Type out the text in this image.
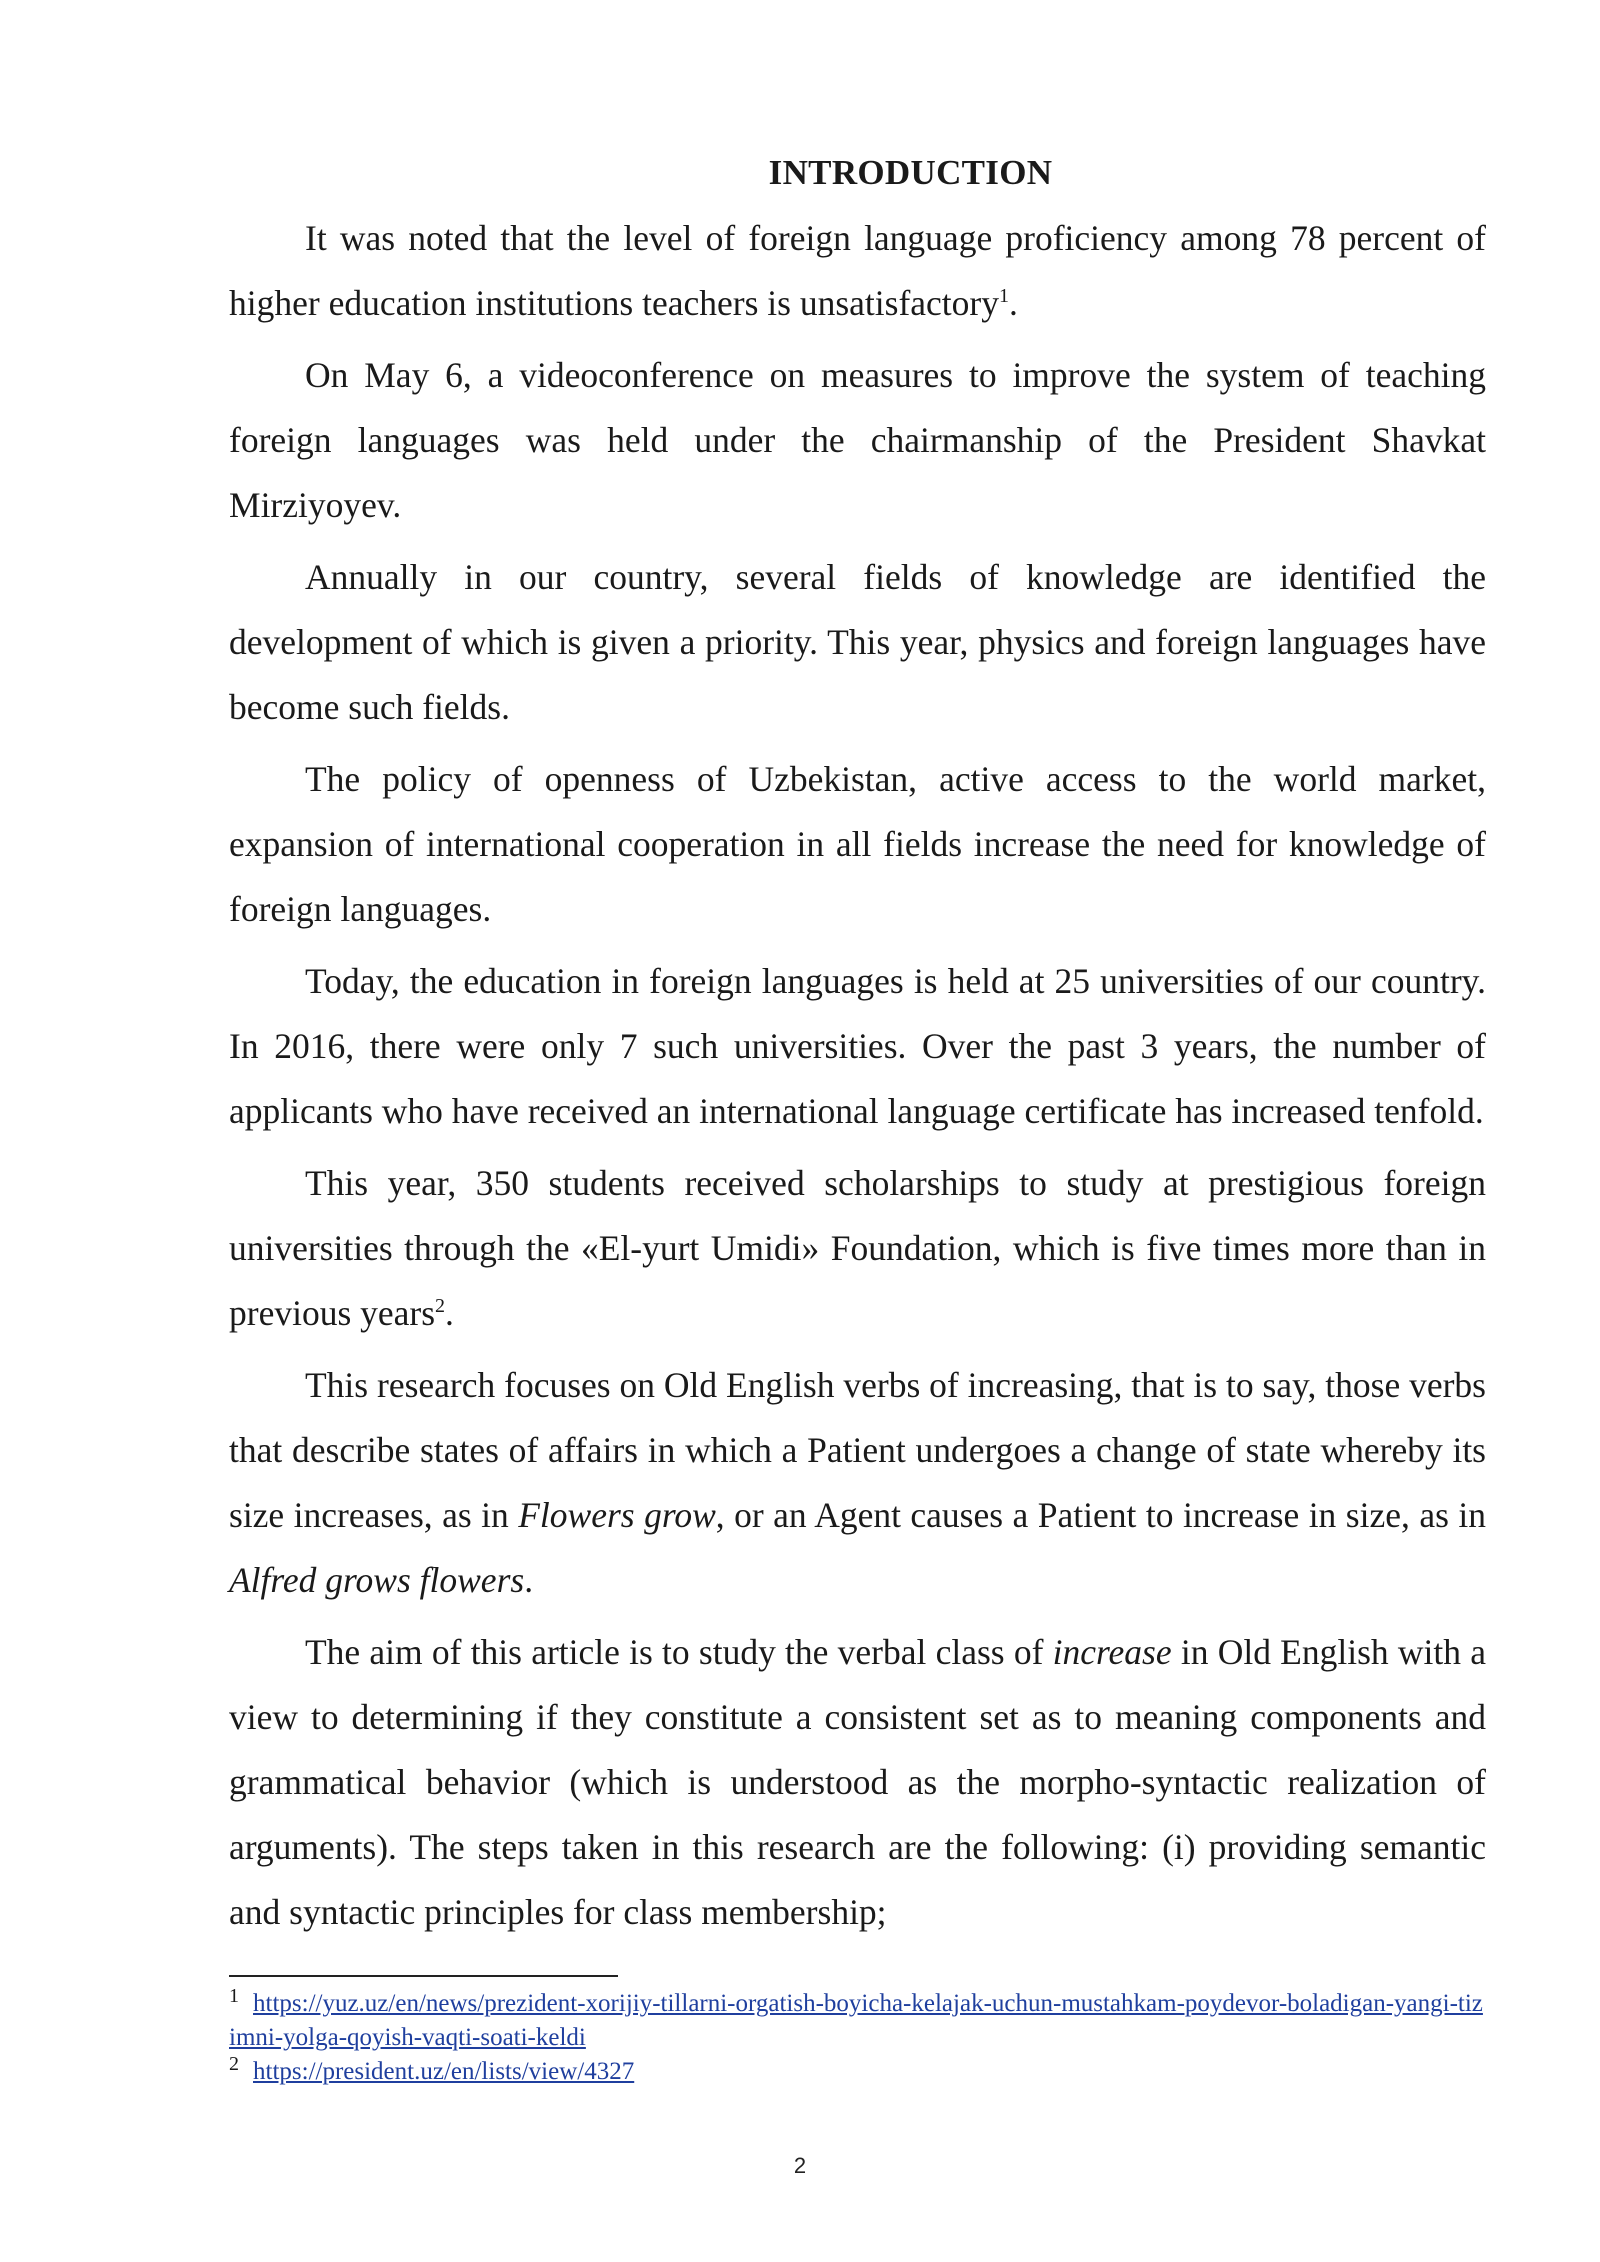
INTRODUCTION

It was noted that the level of foreign language proficiency among 78 percent of higher education institutions teachers is unsatisfactory$^1$.

On May 6, a videoconference on measures to improve the system of teaching foreign languages was held under the chairmanship of the President Shavkat Mirziyoyev.

Annually in our country, several fields of knowledge are identified the development of which is given a priority. This year, physics and foreign languages have become such fields.

The policy of openness of Uzbekistan, active access to the world market, expansion of international cooperation in all fields increase the need for knowledge of foreign languages.

Today, the education in foreign languages is held at 25 universities of our country. In 2016, there were only 7 such universities. Over the past 3 years, the number of applicants who have received an international language certificate has increased tenfold.

This year, 350 students received scholarships to study at prestigious foreign universities through the «El-yurt Umidi» Foundation, which is five times more than in previous years$^2$.

This research focuses on Old English verbs of increasing, that is to say, those verbs that describe states of affairs in which a Patient undergoes a change of state whereby its size increases, as in Flowers grow, or an Agent causes a Patient to increase in size, as in Alfred grows flowers.

The aim of this article is to study the verbal class of increase in Old English with a view to determining if they constitute a consistent set as to meaning components and grammatical behavior (which is understood as the morpho-syntactic realization of arguments). The steps taken in this research are the following: (i) providing semantic and syntactic principles for class membership;

$^1$ https://yuz.uz/en/news/prezident-xorijiy-tillarni-orgatish-boyicha-kelajak-uchun-mustahkam-poydevor-boladigan-yangi-tizimni-yolga-qoyish-vaqti-soati-keldi

$^2$ https://president.uz/en/lists/view/4327

2
